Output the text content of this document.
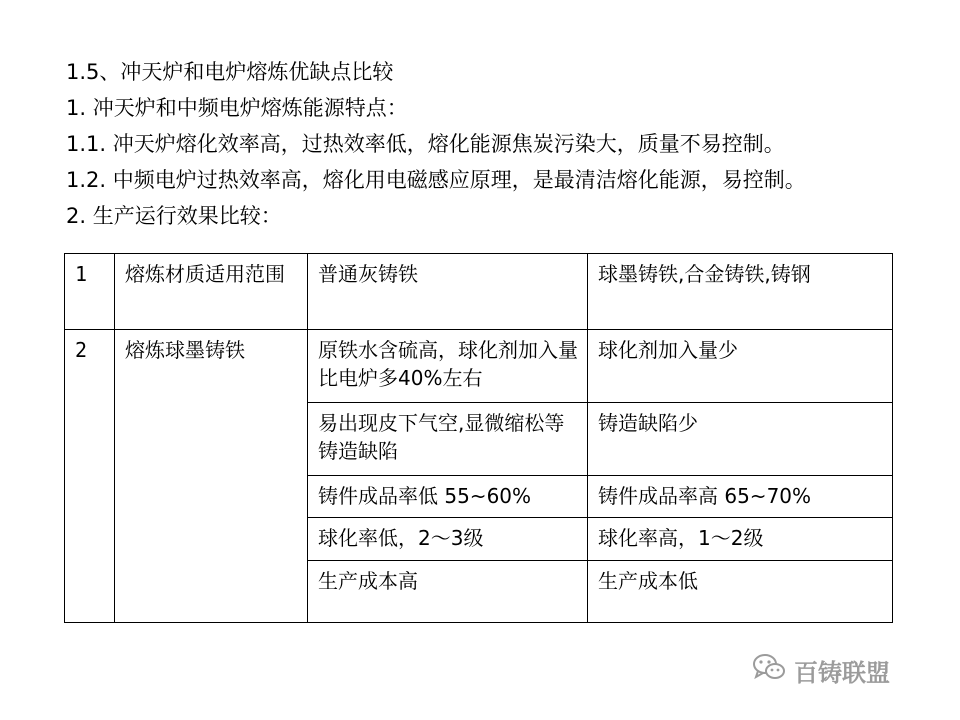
1.5、冲天炉和电炉熔炼优缺点比较
1. 冲天炉和中频电炉熔炼能源特点：
1.1. 冲天炉熔化效率高，过热效率低，熔化能源焦炭污染大，质量不易控制。
1.2. 中频电炉过热效率高，熔化用电磁感应原理，是最清洁熔化能源，易控制。
2. 生产运行效果比较：
1	熔炼材质适用范围	普通灰铸铁	球墨铸铁,合金铸铁,铸钢
2	熔炼球墨铸铁	原铁水含硫高，球化剂加入量比电炉多40%左右	球化剂加入量少
		易出现皮下气空,显微缩松等铸造缺陷	铸造缺陷少
		铸件成品率低 55~60%	铸件成品率高 65~70%
		球化率低，2～3级	球化率高，1～2级
		生产成本高	生产成本低
百铸联盟
